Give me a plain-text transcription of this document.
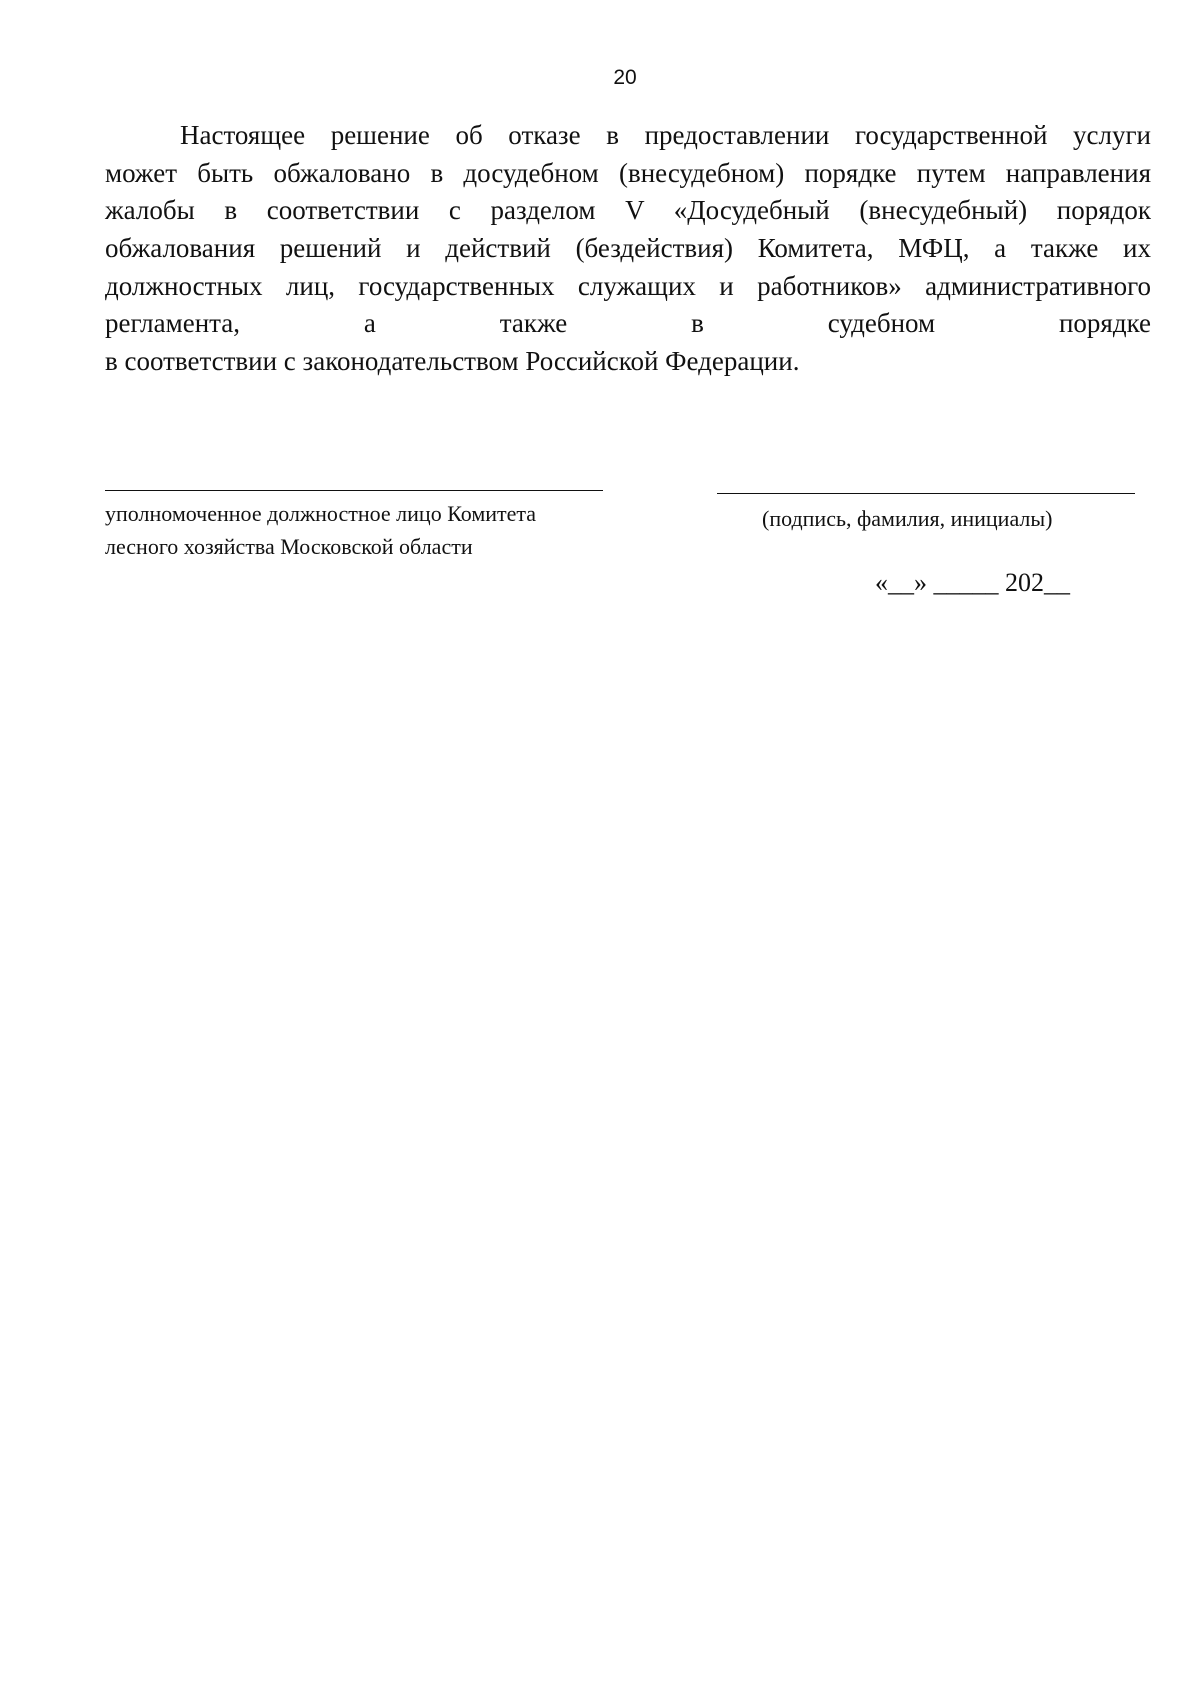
20
Настоящее решение об отказе в предоставлении государственной услуги
может быть обжаловано в досудебном (внесудебном) порядке путем направления
жалобы в соответствии с разделом V «Досудебный (внесудебный) порядок
обжалования решений и действий (бездействия) Комитета, МФЦ, а также их
должностных лиц, государственных служащих и работников» административного
регламента, а также в судебном порядке
в соответствии с законодательством Российской Федерации.
уполномоченное должностное лицо Комитета
лесного хозяйства Московской области
(подпись, фамилия, инициалы)
«__» _____ 202__
